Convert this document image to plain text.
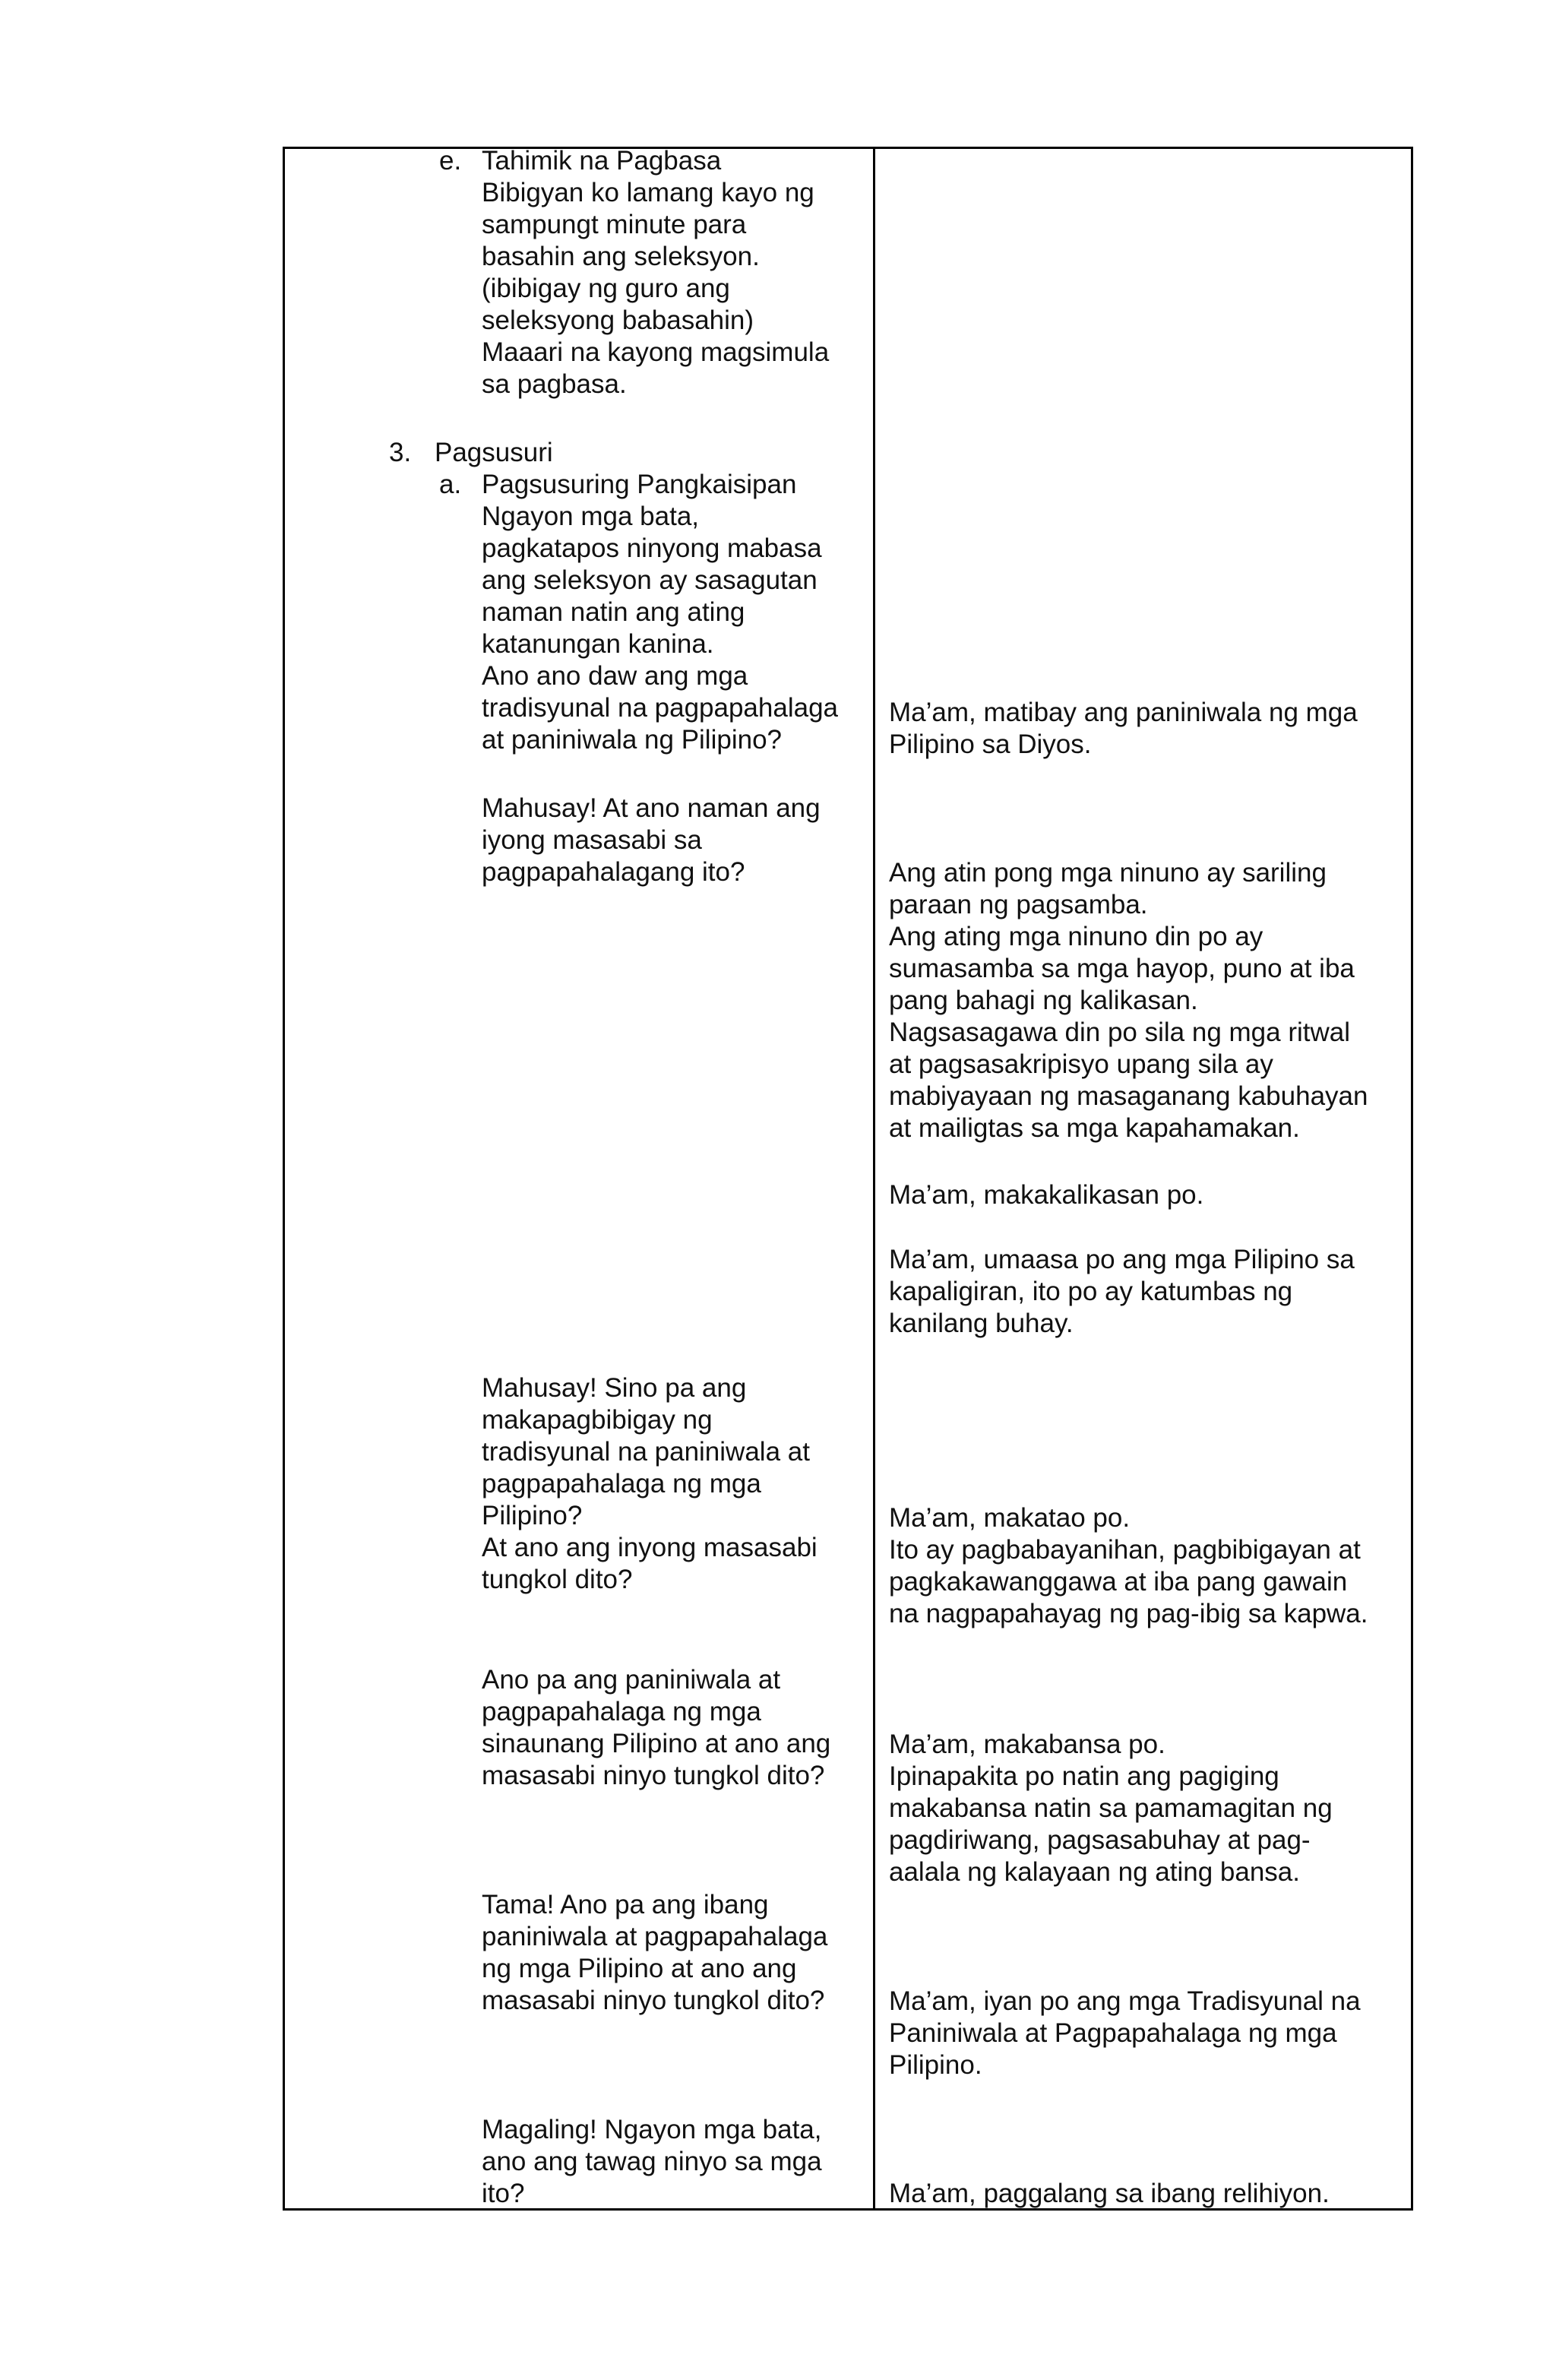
e. Tahimik na Pagbasa
Bibigyan ko lamang kayo ng
sampungt minute para
basahin ang seleksyon.
(ibibigay ng guro ang
seleksyong babasahin)
Maaari na kayong magsimula
sa pagbasa.
3. Pagsusuri
a. Pagsusuring Pangkaisipan
Ngayon mga bata,
pagkatapos ninyong mabasa
ang seleksyon ay sasagutan
naman natin ang ating
katanungan kanina.
Ano ano daw ang mga
tradisyunal na pagpapahalaga
at paniniwala ng Pilipino?
Mahusay! At ano naman ang
iyong masasabi sa
pagpapahalagang ito?
Mahusay! Sino pa ang
makapagbibigay ng
tradisyunal na paniniwala at
pagpapahalaga ng mga
Pilipino?
At ano ang inyong masasabi
tungkol dito?
Ano pa ang paniniwala at
pagpapahalaga ng mga
sinaunang Pilipino at ano ang
masasabi ninyo tungkol dito?
Tama! Ano pa ang ibang
paniniwala at pagpapahalaga
ng mga Pilipino at ano ang
masasabi ninyo tungkol dito?
Magaling! Ngayon mga bata,
ano ang tawag ninyo sa mga
ito?
Ma’am, matibay ang paniniwala ng mga
Pilipino sa Diyos.
Ang atin pong mga ninuno ay sariling
paraan ng pagsamba.
Ang ating mga ninuno din po ay
sumasamba sa mga hayop, puno at iba
pang bahagi ng kalikasan.
Nagsasagawa din po sila ng mga ritwal
at pagsasakripisyo upang sila ay
mabiyayaan ng masaganang kabuhayan
at mailigtas sa mga kapahamakan.
Ma’am, makakalikasan po.
Ma’am, umaasa po ang mga Pilipino sa
kapaligiran, ito po ay katumbas ng
kanilang buhay.
Ma’am, makatao po.
Ito ay pagbabayanihan, pagbibigayan at
pagkakawanggawa at iba pang gawain
na nagpapahayag ng pag-ibig sa kapwa.
Ma’am, makabansa po.
Ipinapakita po natin ang pagiging
makabansa natin sa pamamagitan ng
pagdiriwang, pagsasabuhay at pag-
aalala ng kalayaan ng ating bansa.
Ma’am, iyan po ang mga Tradisyunal na
Paniniwala at Pagpapahalaga ng mga
Pilipino.
Ma’am, paggalang sa ibang relihiyon.
